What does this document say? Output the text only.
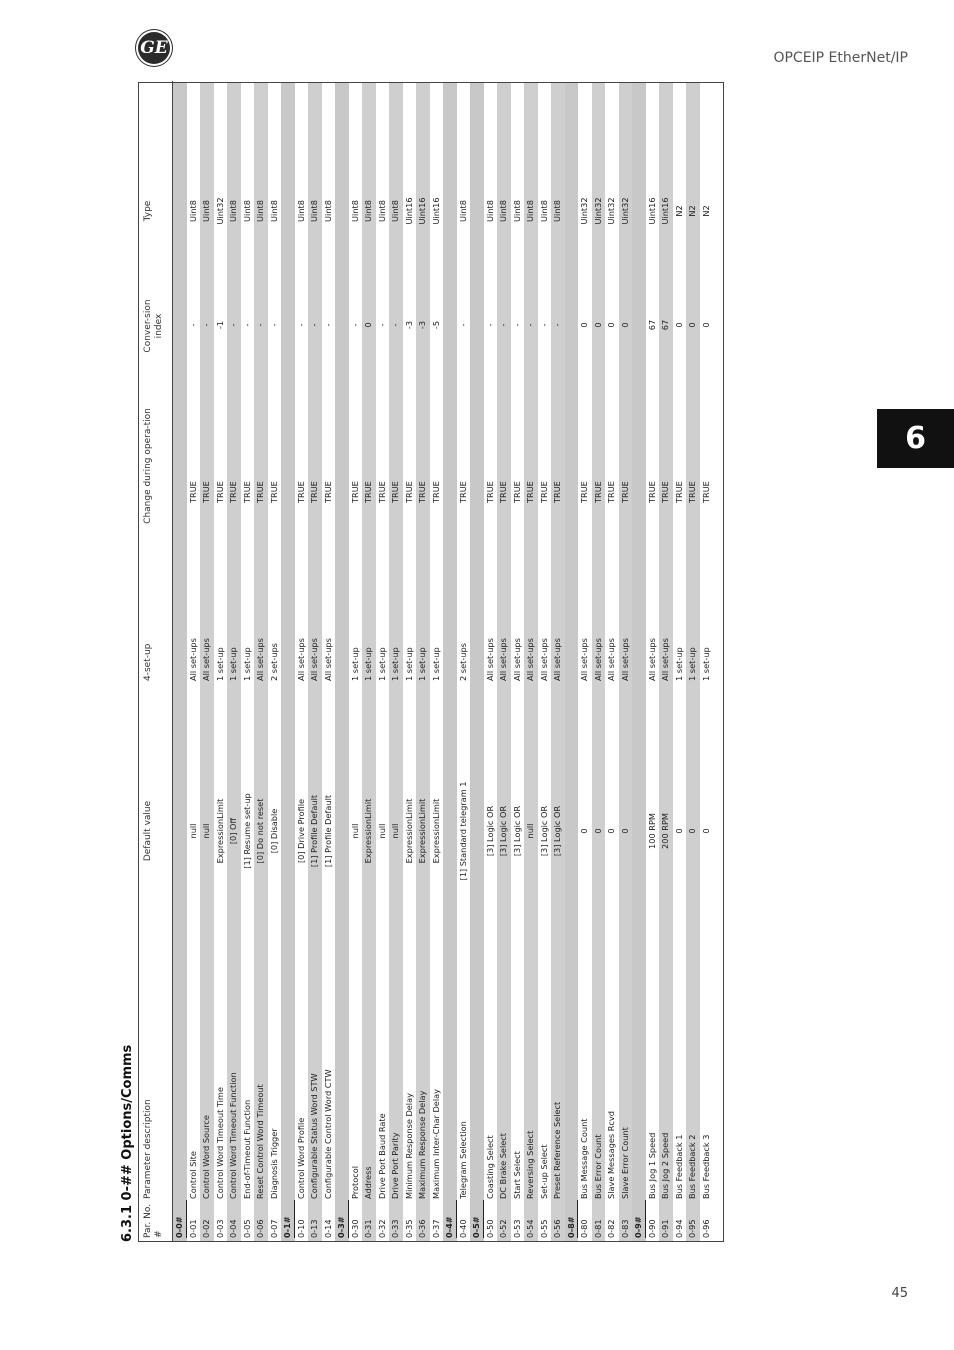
GE	OPCEIP EtherNet/IP
6
45
6.3.1 0-## Options/Comms Par. No. #
Parameter description
Default value
4-set-up
Change during opera-tion
Conver-sion index
Type
0-0# 0-01
Control Site
null
All set-ups
TRUE
-
Uint8
0-02
Control Word Source
null
All set-ups
TRUE
-
Uint8
0-03
Control Word Timeout Time
ExpressionLimit
1 set-up
TRUE
-1
Uint32
0-04
Control Word Timeout Function
[0] Off
1 set-up
TRUE
-
Uint8
0-05
End-of-Timeout Function
[1] Resume set-up
1 set-up
TRUE
-
Uint8
0-06
Reset Control Word Timeout
[0] Do not reset
All set-ups
TRUE
-
Uint8
0-07
Diagnosis Trigger
[0] Disable
2 set-ups
TRUE
-
Uint8
0-1# 0-10
Control Word Profile
[0] Drive Profile
All set-ups
TRUE
-
Uint8
0-13
Configurable Status Word STW
[1] Profile Default
All set-ups
TRUE
-
Uint8
0-14
Configurable Control Word CTW
[1] Profile Default
All set-ups
TRUE
-
Uint8
0-3# 0-30
Protocol
null
1 set-up
TRUE
-
Uint8
0-31
Address
ExpressionLimit
1 set-up
TRUE
0
Uint8
0-32
Drive Port Baud Rate
null
1 set-up
TRUE
-
Uint8
0-33
Drive Port Parity
null
1 set-up
TRUE
-
Uint8
0-35
Minimum Response Delay
ExpressionLimit
1 set-up
TRUE
-3
Uint16
0-36
Maximum Response Delay
ExpressionLimit
1 set-up
TRUE
-3
Uint16
0-37
Maximum Inter-Char Delay
ExpressionLimit
1 set-up
TRUE
-5
Uint16
0-4# 0-40
Telegram Selection
[1] Standard telegram 1
2 set-ups
TRUE
-
Uint8
0-5# 0-50
Coasting Select
[3] Logic OR
All set-ups
TRUE
-
Uint8
0-52
DC Brake Select
[3] Logic OR
All set-ups
TRUE
-
Uint8
0-53
Start Select
[3] Logic OR
All set-ups
TRUE
-
Uint8
0-54
Reversing Select
null
All set-ups
TRUE
-
Uint8
0-55
Set-up Select
[3] Logic OR
All set-ups
TRUE
-
Uint8
0-56
Preset Reference Select
[3] Logic OR
All set-ups
TRUE
-
Uint8
0-8# 0-80
Bus Message Count
0
All set-ups
TRUE
0
Uint32
0-81
Bus Error Count
0
All set-ups
TRUE
0
Uint32
0-82
Slave Messages Rcvd
0
All set-ups
TRUE
0
Uint32
0-83
Slave Error Count
0
All set-ups
TRUE
0
Uint32
0-9# 0-90
Bus Jog 1 Speed
100 RPM
All set-ups
TRUE
67
Uint16
0-91
Bus Jog 2 Speed
200 RPM
All set-ups
TRUE
67
Uint16
0-94
Bus Feedback 1
0
1 set-up
TRUE
0
N2
0-95
Bus Feedback 2
0
1 set-up
TRUE
0
N2
0-96
Bus Feedback 3
0
1 set-up
TRUE
0
N2
